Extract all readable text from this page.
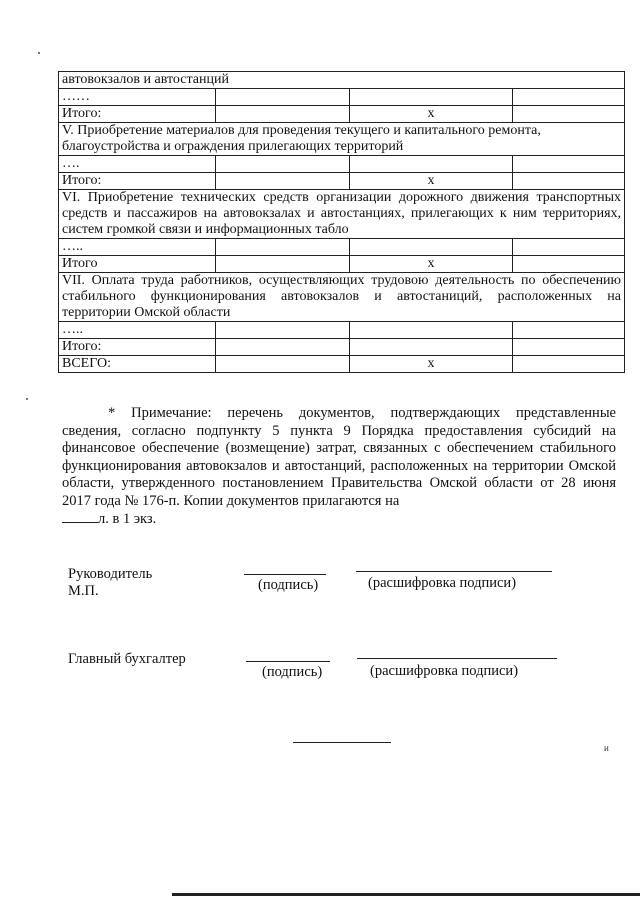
автовокзалов и автостанций			
……			
Итого:		х	
V. Приобретение материалов для проведения текущего и капитального ремонта, благоустройства и ограждения прилегающих территорий			
….			
Итого:		х	
VI. Приобретение технических средств организации дорожного движения транспортных средств и пассажиров на автовокзалах и автостанциях, прилегающих к ним территориях, систем громкой связи и информационных табло			
…..			
Итого		х	
VII. Оплата труда работников, осуществляющих трудовою деятельность по обеспечению стабильного функционирования автовокзалов и автостаниций, расположенных на территории Омской области			
…..			
Итого:			
ВСЕГО:		х	

* Примечание: перечень документов, подтверждающих представленные сведения, согласно подпункту 5 пункта 9 Порядка предоставления субсидий на финансовое обеспечение (возмещение) затрат, связанных с обеспечением стабильного функционирования автовокзалов и автостанций, расположенных на территории Омской области, утвержденного постановлением Правительства Омской области от 28 июня 2017 года № 176-п. Копии документов прилагаются на
л. в 1 экз.

Руководитель
М.П.	(подпись)	(расшифровка подписи)
Главный бухгалтер
(подпись)	(расшифровка подписи)
и
